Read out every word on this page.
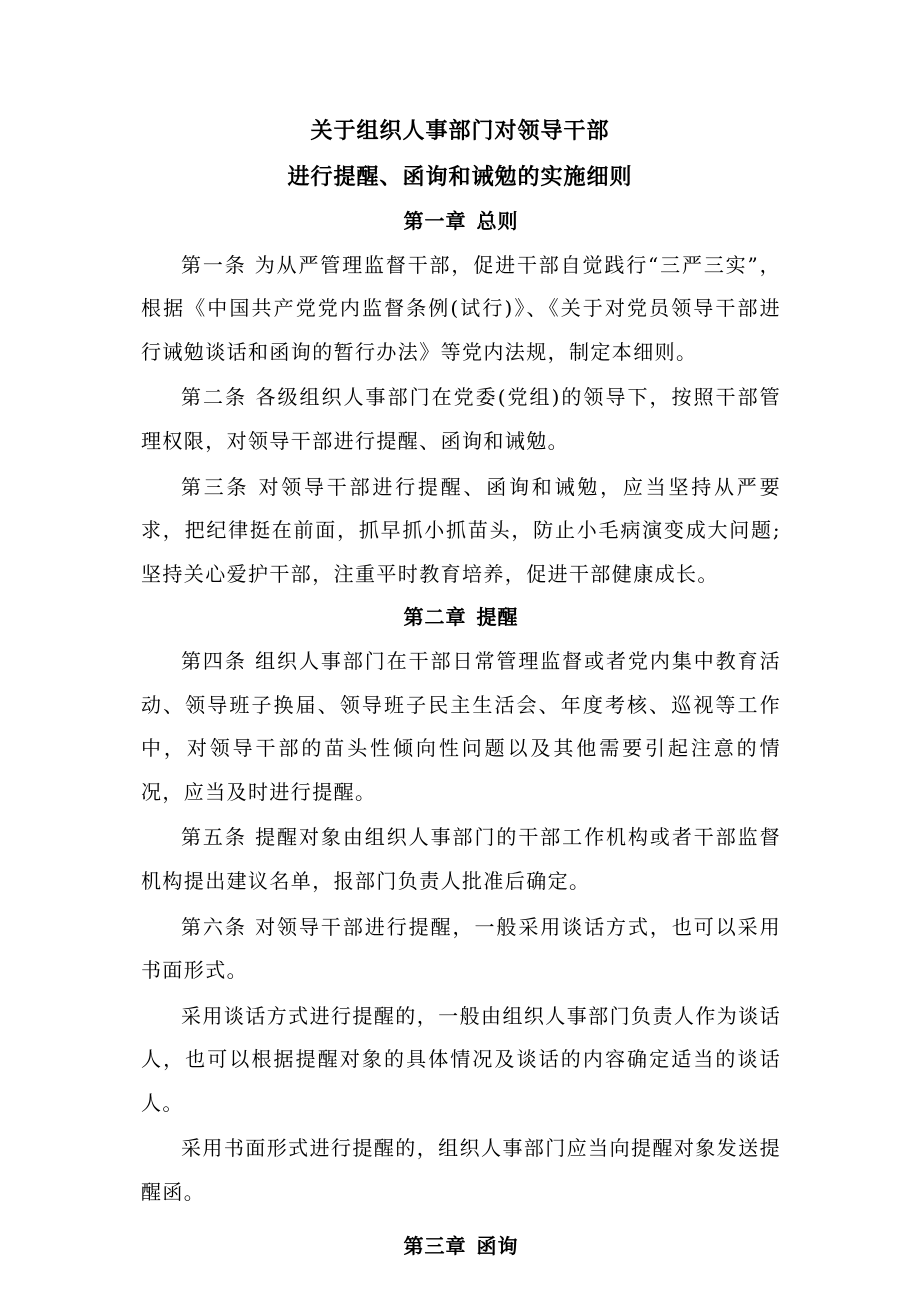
关于组织人事部门对领导干部
进行提醒、函询和诫勉的实施细则
第一章 总则

第一条 为从严管理监督干部，促进干部自觉践行“三严三实”，根据《中国共产党党内监督条例(试行)》、《关于对党员领导干部进行诫勉谈话和函询的暂行办法》等党内法规，制定本细则。

第二条 各级组织人事部门在党委(党组)的领导下，按照干部管理权限，对领导干部进行提醒、函询和诫勉。

第三条 对领导干部进行提醒、函询和诫勉，应当坚持从严要求，把纪律挺在前面，抓早抓小抓苗头，防止小毛病演变成大问题;坚持关心爱护干部，注重平时教育培养，促进干部健康成长。

第二章 提醒

第四条 组织人事部门在干部日常管理监督或者党内集中教育活动、领导班子换届、领导班子民主生活会、年度考核、巡视等工作中，对领导干部的苗头性倾向性问题以及其他需要引起注意的情况，应当及时进行提醒。

第五条 提醒对象由组织人事部门的干部工作机构或者干部监督机构提出建议名单，报部门负责人批准后确定。

第六条 对领导干部进行提醒，一般采用谈话方式，也可以采用书面形式。

采用谈话方式进行提醒的，一般由组织人事部门负责人作为谈话人，也可以根据提醒对象的具体情况及谈话的内容确定适当的谈话人。

采用书面形式进行提醒的，组织人事部门应当向提醒对象发送提醒函。

第三章 函询
